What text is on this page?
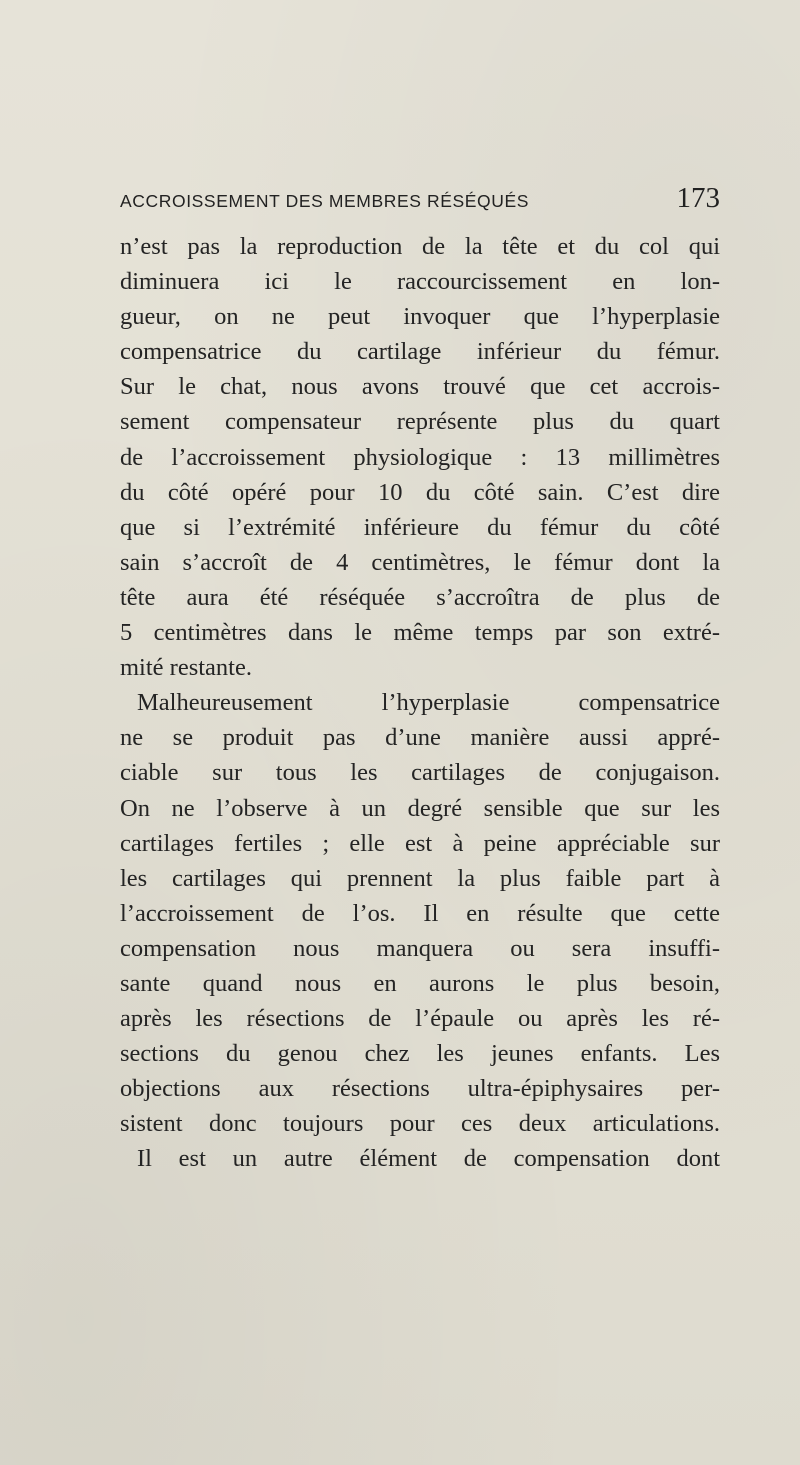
ACCROISSEMENT DES MEMBRES RÉSÉQUÉS	173
n’est pas la reproduction de la tête et du col qui
diminuera ici le raccourcissement en lon-
gueur, on ne peut invoquer que l’hyperplasie
compensatrice du cartilage inférieur du fémur.
Sur le chat, nous avons trouvé que cet accrois-
sement compensateur représente plus du quart
de l’accroissement physiologique : 13 millimètres
du côté opéré pour 10 du côté sain. C’est dire
que si l’extrémité inférieure du fémur du côté
sain s’accroît de 4 centimètres, le fémur dont la
tête aura été réséquée s’accroîtra de plus de
5 centimètres dans le même temps par son extré-
mité restante.
Malheureusement l’hyperplasie compensatrice
ne se produit pas d’une manière aussi appré-
ciable sur tous les cartilages de conjugaison.
On ne l’observe à un degré sensible que sur les
cartilages fertiles ; elle est à peine appréciable sur
les cartilages qui prennent la plus faible part à
l’accroissement de l’os. Il en résulte que cette
compensation nous manquera ou sera insuffi-
sante quand nous en aurons le plus besoin,
après les résections de l’épaule ou après les ré-
sections du genou chez les jeunes enfants. Les
objections aux résections ultra-épiphysaires per-
sistent donc toujours pour ces deux articulations.
Il est un autre élément de compensation dont
